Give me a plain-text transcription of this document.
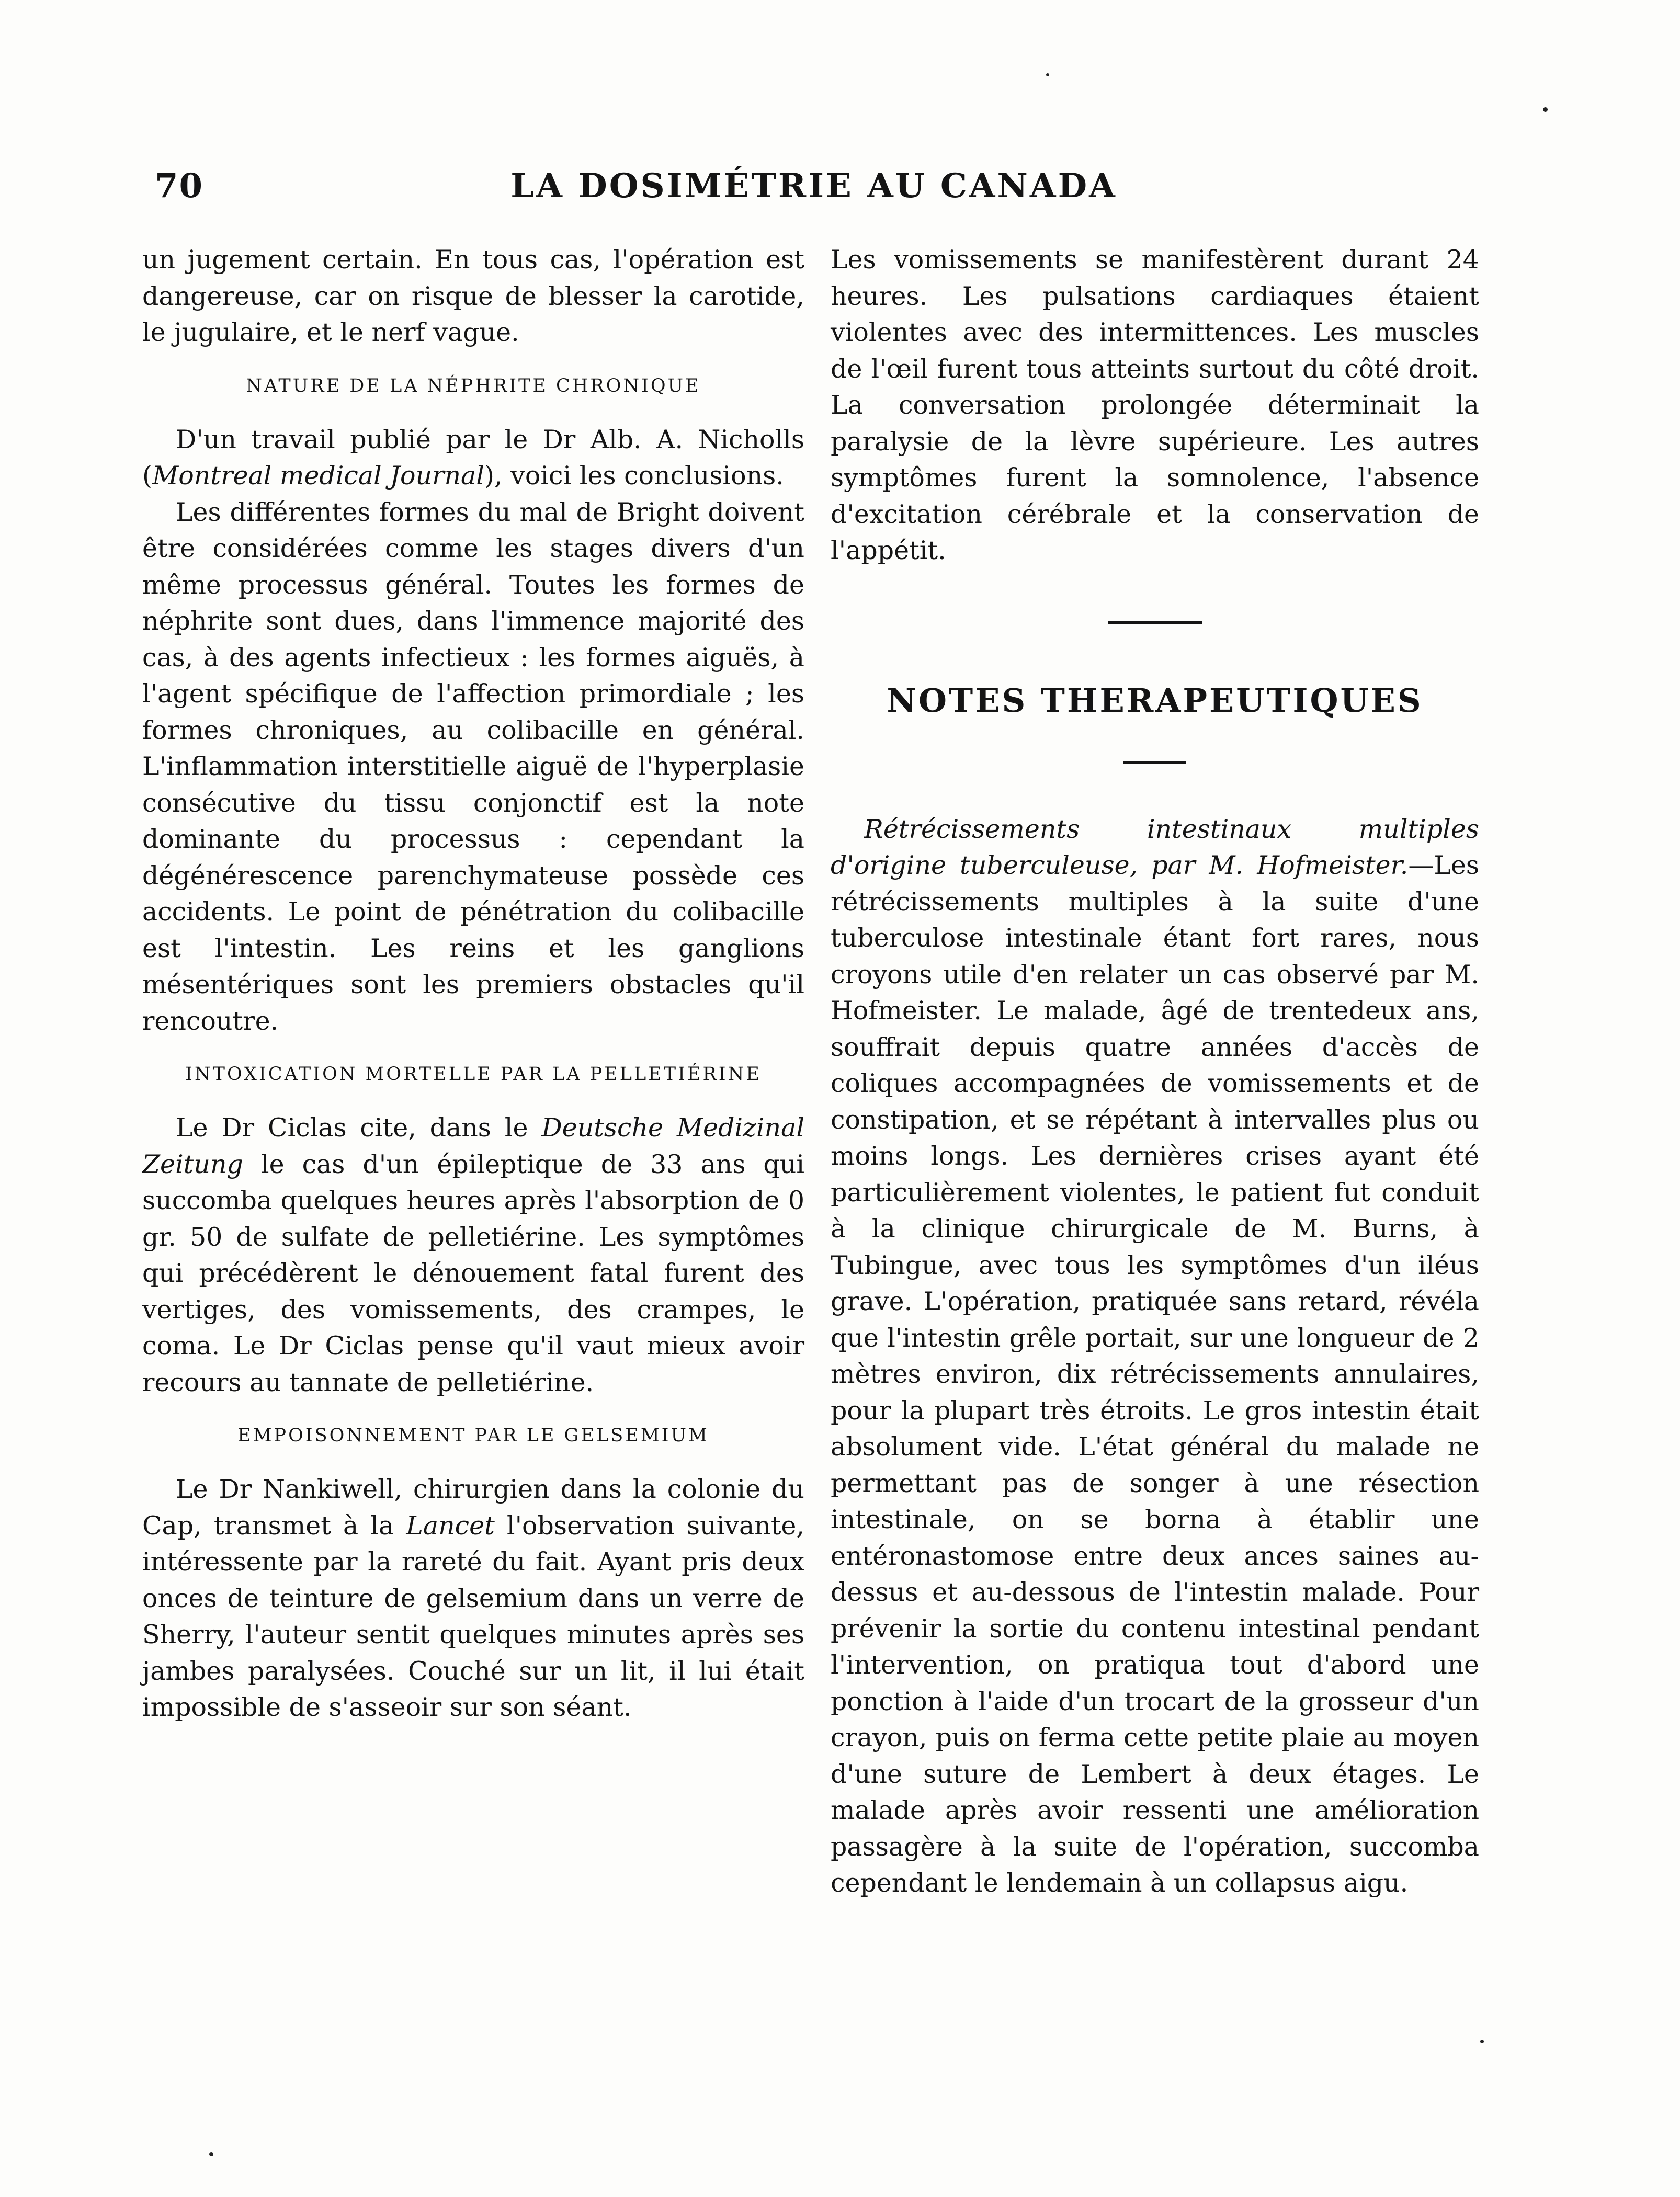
70	LA DOSIMÉTRIE AU CANADA

un jugement certain. En tous cas, l'opération est dangereuse, car on risque de blesser la carotide, le jugulaire, et le nerf vague.

NATURE DE LA NÉPHRITE CHRONIQUE

D'un travail publié par le Dr Alb. A. Nicholls (Montreal medical Journal), voici les conclusions.

Les différentes formes du mal de Bright doivent être considérées comme les stages divers d'un même processus général. Toutes les formes de néphrite sont dues, dans l'immence majorité des cas, à des agents infectieux : les formes aiguës, à l'agent spécifique de l'affection primordiale ; les formes chroniques, au colibacille en général. L'inflammation interstitielle aiguë de l'hyperplasie consécutive du tissu conjonctif est la note dominante du processus : cependant la dégénérescence parenchymateuse possède ces accidents. Le point de pénétration du colibacille est l'intestin. Les reins et les ganglions mésentériques sont les premiers obstacles qu'il rencoutre.

INTOXICATION MORTELLE PAR LA PELLETIÉRINE

Le Dr Ciclas cite, dans le Deutsche Medizinal Zeitung le cas d'un épileptique de 33 ans qui succomba quelques heures après l'absorption de 0 gr. 50 de sulfate de pelletiérine. Les symptômes qui précédèrent le dénouement fatal furent des vertiges, des vomissements, des crampes, le coma. Le Dr Ciclas pense qu'il vaut mieux avoir recours au tannate de pelletiérine.

EMPOISONNEMENT PAR LE GELSEMIUM

Le Dr Nankiwell, chirurgien dans la colonie du Cap, transmet à la Lancet l'observation suivante, intéressente par la rareté du fait. Ayant pris deux onces de teinture de gelsemium dans un verre de Sherry, l'auteur sentit quelques minutes après ses jambes paralysées. Couché sur un lit, il lui était impossible de s'asseoir sur son séant.

Les vomissements se manifestèrent durant 24 heures. Les pulsations cardiaques étaient violentes avec des intermittences. Les muscles de l'œil furent tous atteints surtout du côté droit. La conversation prolongée déterminait la paralysie de la lèvre supérieure. Les autres symptômes furent la somnolence, l'absence d'excitation cérébrale et la conservation de l'appétit.

NOTES THERAPEUTIQUES

Rétrécissements intestinaux multiples d'origine tuberculeuse, par M. Hofmeister.—Les rétrécissements multiples à la suite d'une tuberculose intestinale étant fort rares, nous croyons utile d'en relater un cas observé par M. Hofmeister. Le malade, âgé de trentedeux ans, souffrait depuis quatre années d'accès de coliques accompagnées de vomissements et de constipation, et se répétant à intervalles plus ou moins longs. Les dernières crises ayant été particulièrement violentes, le patient fut conduit à la clinique chirurgicale de M. Burns, à Tubingue, avec tous les symptômes d'un iléus grave. L'opération, pratiquée sans retard, révéla que l'intestin grêle portait, sur une longueur de 2 mètres environ, dix rétrécissements annulaires, pour la plupart très étroits. Le gros intestin était absolument vide. L'état général du malade ne permettant pas de songer à une résection intestinale, on se borna à établir une entéronastomose entre deux ances saines au-dessus et au-dessous de l'intestin malade. Pour prévenir la sortie du contenu intestinal pendant l'intervention, on pratiqua tout d'abord une ponction à l'aide d'un trocart de la grosseur d'un crayon, puis on ferma cette petite plaie au moyen d'une suture de Lembert à deux étages. Le malade après avoir ressenti une amélioration passagère à la suite de l'opération, succomba cependant le lendemain à un collapsus aigu.
